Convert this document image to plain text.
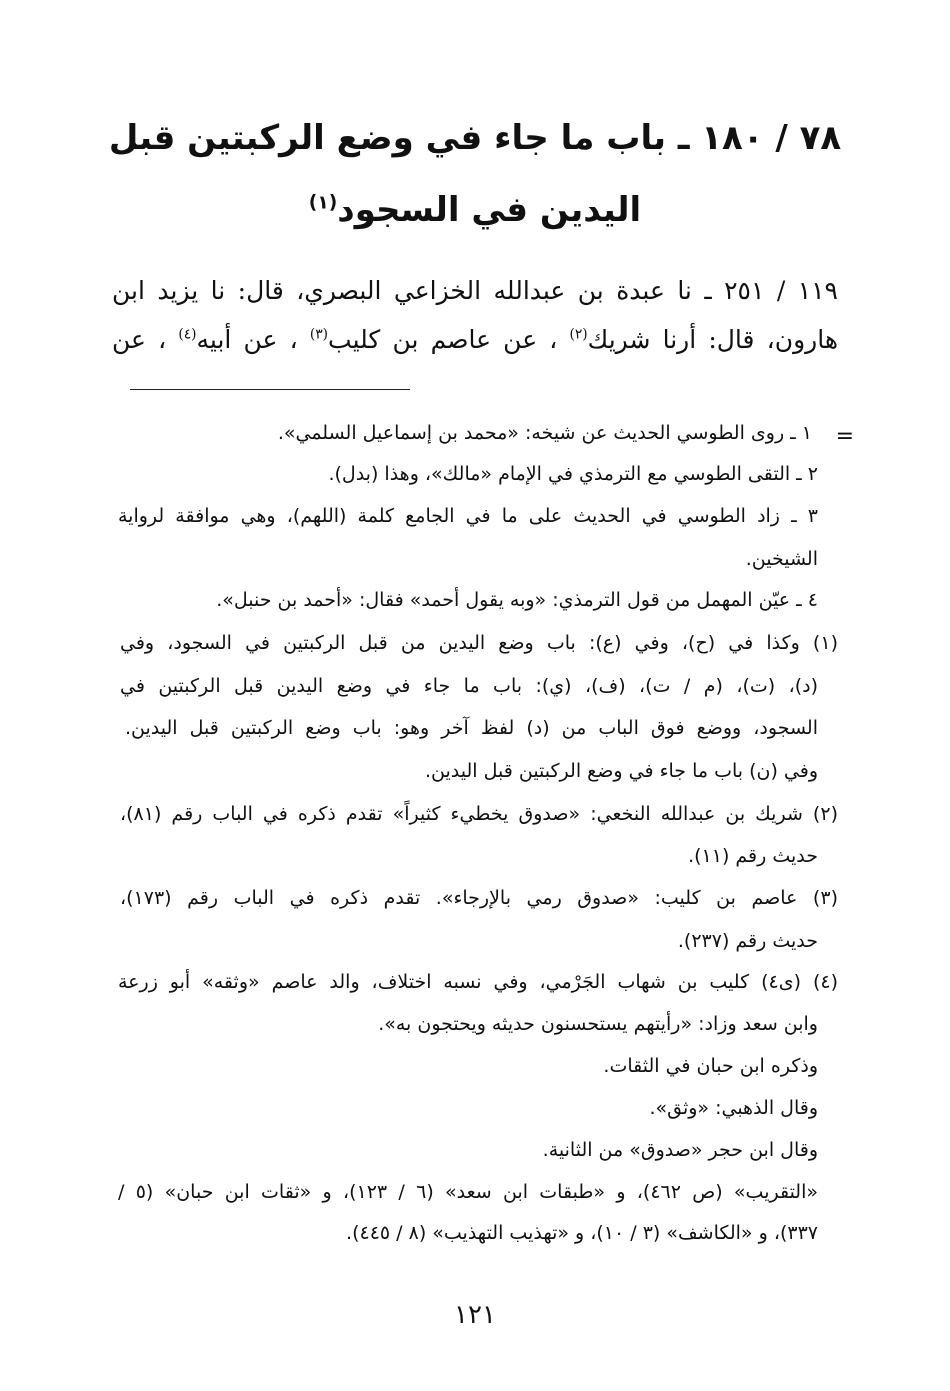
٧٨ / ١٨٠ ـ باب ما جاء في وضع الركبتين قبل
اليدين في السجود$^{(١)}$
١١٩ / ٢٥١ ـ نا عبدة بن عبدالله الخزاعي البصري، قال: نا يزيد ابن
هارون، قال: أرنا شريك$^{(٢)}$ ، عن عاصم بن كليب$^{(٣)}$ ، عن أبيه$^{(٤)}$ ، عن
=
١ ـ روى الطوسي الحديث عن شيخه: «محمد بن إسماعيل السلمي».
٢ ـ التقى الطوسي مع الترمذي في الإمام «مالك»، وهذا (بدل).
٣ ـ زاد الطوسي في الحديث على ما في الجامع كلمة (اللهم)، وهي موافقة لرواية
الشيخين.
٤ ـ عيّن المهمل من قول الترمذي: «وبه يقول أحمد» فقال: «أحمد بن حنبل».
(١) وكذا في (ح)، وفي (ع): باب وضع اليدين من قبل الركبتين في السجود، وفي
(د)، (ت)، (م / ت)، (ف)، (ي): باب ما جاء في وضع اليدين قبل الركبتين في
السجود، ووضع فوق الباب من (د) لفظ آخر وهو: باب وضع الركبتين قبل اليدين.
وفي (ن) باب ما جاء في وضع الركبتين قبل اليدين.
(٢) شريك بن عبدالله النخعي: «صدوق يخطيء كثيراً» تقدم ذكره في الباب رقم (٨١)،
حديث رقم (١١).
(٣) عاصم بن كليب: «صدوق رمي بالإرجاء». تقدم ذكره في الباب رقم (١٧٣)،
حديث رقم (٢٣٧).
(٤) (ى٤) كليب بن شهاب الجَرْمي، وفي نسبه اختلاف، والد عاصم «وثقه» أبو زرعة
وابن سعد وزاد: «رأيتهم يستحسنون حديثه ويحتجون به».
وذكره ابن حبان في الثقات.
وقال الذهبي: «وثق».
وقال ابن حجر «صدوق» من الثانية.
«التقريب» (ص ٤٦٢)، و «طبقات ابن سعد» (٦ / ١٢٣)، و «ثقات ابن حبان» (٥ /
٣٣٧)، و «الكاشف» (٣ / ١٠)، و «تهذيب التهذيب» (٨ / ٤٤٥).
١٢١
